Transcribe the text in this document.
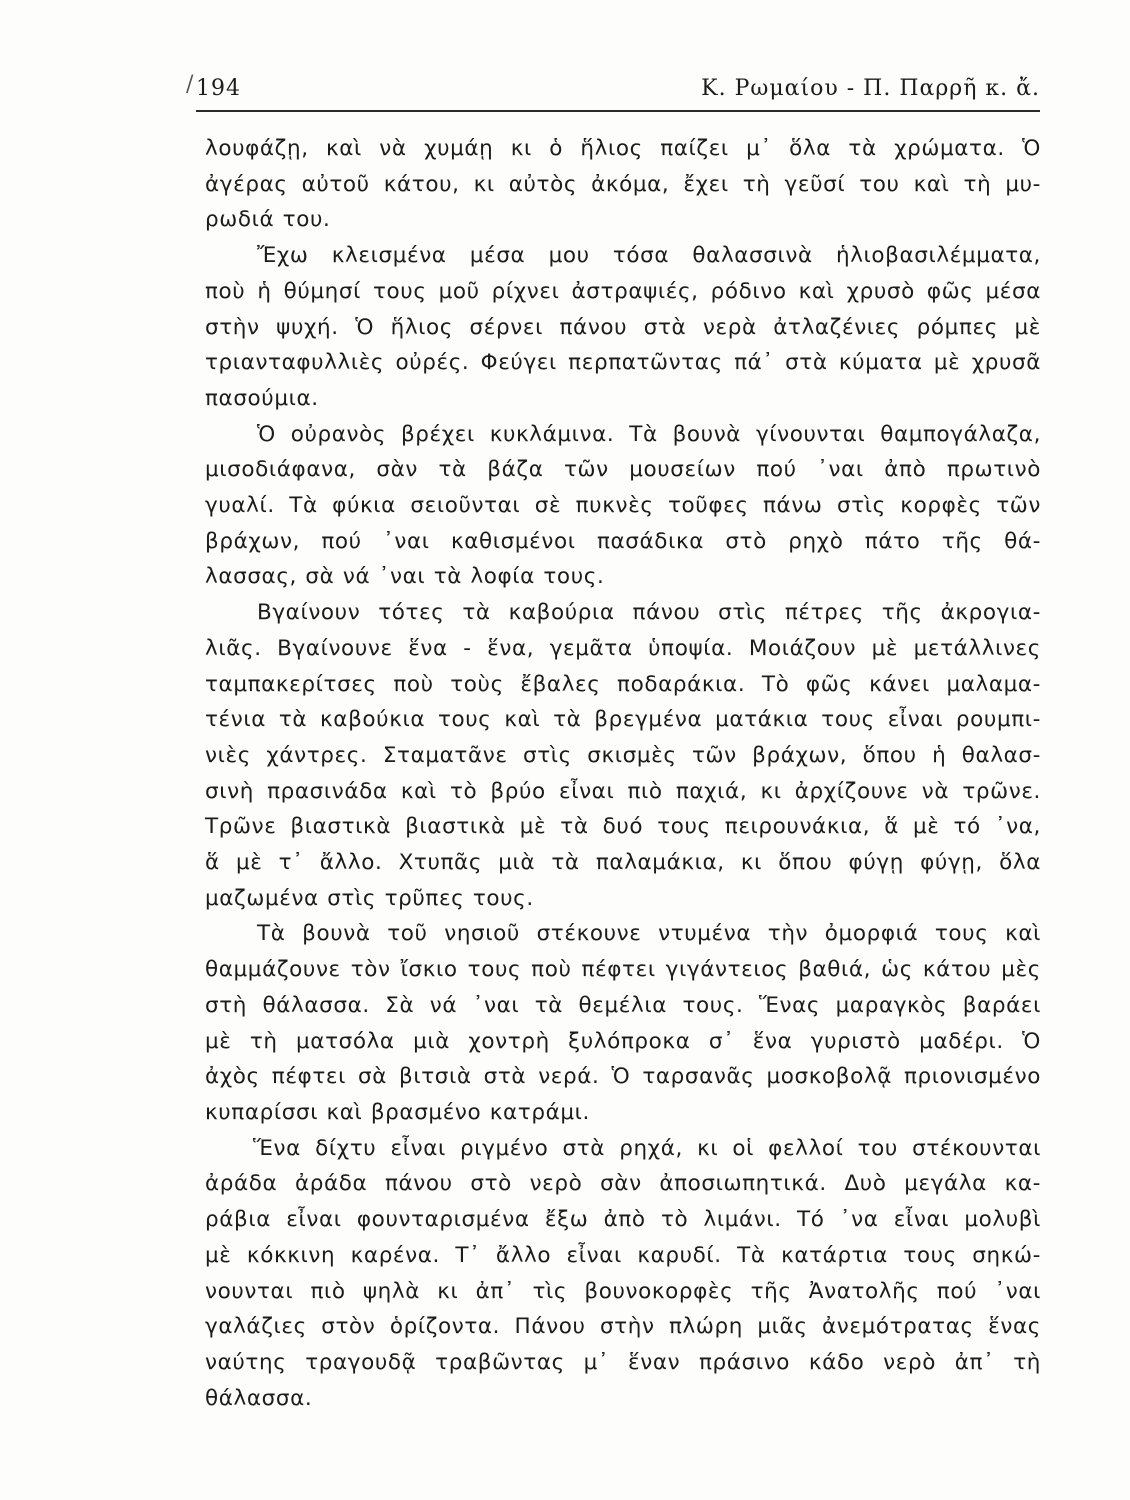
/ 194	Κ. Ρωμαίου - Π. Παρρῆ κ. ἄ.

λουφάζῃ, καὶ νὰ χυμάῃ κι ὁ ἥλιος παίζει μ᾽ ὅλα τὰ χρώματα. Ὁ
ἀγέρας αὐτοῦ κάτου, κι αὐτὸς ἀκόμα, ἔχει τὴ γεῦσί του καὶ τὴ μυ-
ρωδιά του.

Ἔχω κλεισμένα μέσα μου τόσα θαλασσινὰ ἡλιοβασιλέμματα,
ποὺ ἡ θύμησί τους μοῦ ρίχνει ἀστραψιές, ρόδινο καὶ χρυσὸ φῶς μέσα
στὴν ψυχή. Ὁ ἥλιος σέρνει πάνου στὰ νερὰ ἀτλαζένιες ρόμπες μὲ
τριανταφυλλιὲς οὐρές. Φεύγει περπατῶντας πά᾽ στὰ κύματα μὲ χρυσᾶ
πασούμια.

Ὁ οὐρανὸς βρέχει κυκλάμινα. Τὰ βουνὰ γίνουνται θαμπογάλαζα,
μισοδιάφανα, σὰν τὰ βάζα τῶν μουσείων πού ᾽ναι ἀπὸ πρωτινὸ
γυαλί. Τὰ φύκια σειοῦνται σὲ πυκνὲς τοῦφες πάνω στὶς κορφὲς τῶν
βράχων, πού ᾽ναι καθισμένοι πασάδικα στὸ ρηχὸ πάτο τῆς θά-
λασσας, σὰ νά ᾽ναι τὰ λοφία τους.

Βγαίνουν τότες τὰ καβούρια πάνου στὶς πέτρες τῆς ἀκρογια-
λιᾶς. Βγαίνουνε ἕνα - ἕνα, γεμᾶτα ὑποψία. Μοιάζουν μὲ μετάλλινες
ταμπακερίτσες ποὺ τοὺς ἔβαλες ποδαράκια. Τὸ φῶς κάνει μαλαμα-
τένια τὰ καβούκια τους καὶ τὰ βρεγμένα ματάκια τους εἶναι ρουμπι-
νιὲς χάντρες. Σταματᾶνε στὶς σκισμὲς τῶν βράχων, ὅπου ἡ θαλασ-
σινὴ πρασινάδα καὶ τὸ βρύο εἶναι πιὸ παχιά, κι ἀρχίζουνε νὰ τρῶνε.
Τρῶνε βιαστικὰ βιαστικὰ μὲ τὰ δυό τους πειρουνάκια, ἅ μὲ τό ᾽να,
ἅ μὲ τ᾽ ἄλλο. Χτυπᾶς μιὰ τὰ παλαμάκια, κι ὅπου φύγῃ φύγῃ, ὅλα
μαζωμένα στὶς τρῦπες τους.

Τὰ βουνὰ τοῦ νησιοῦ στέκουνε ντυμένα τὴν ὀμορφιά τους καὶ
θαμμάζουνε τὸν ἴσκιο τους ποὺ πέφτει γιγάντειος βαθιά, ὡς κάτου μὲς
στὴ θάλασσα. Σὰ νά ᾽ναι τὰ θεμέλια τους. Ἕνας μαραγκὸς βαράει
μὲ τὴ ματσόλα μιὰ χοντρὴ ξυλόπροκα σ᾽ ἕνα γυριστὸ μαδέρι. Ὁ
ἀχὸς πέφτει σὰ βιτσιὰ στὰ νερά. Ὁ ταρσανᾶς μοσκοβολᾷ πριονισμένο
κυπαρίσσι καὶ βρασμένο κατράμι.

Ἕνα δίχτυ εἶναι ριγμένο στὰ ρηχά, κι οἱ φελλοί του στέκουνται
ἀράδα ἀράδα πάνου στὸ νερὸ σὰν ἀποσιωπητικά. Δυὸ μεγάλα κα-
ράβια εἶναι φουνταρισμένα ἔξω ἀπὸ τὸ λιμάνι. Τό ᾽να εἶναι μολυβὶ
μὲ κόκκινη καρένα. Τ᾽ ἄλλο εἶναι καρυδί. Τὰ κατάρτια τους σηκώ-
νουνται πιὸ ψηλὰ κι ἀπ᾽ τὶς βουνοκορφὲς τῆς Ἀνατολῆς πού ᾽ναι
γαλάζιες στὸν ὁρίζοντα. Πάνου στὴν πλώρη μιᾶς ἀνεμότρατας ἕνας
ναύτης τραγουδᾷ τραβῶντας μ᾽ ἕναν πράσινο κάδο νερὸ ἀπ᾽ τὴ
θάλασσα.
